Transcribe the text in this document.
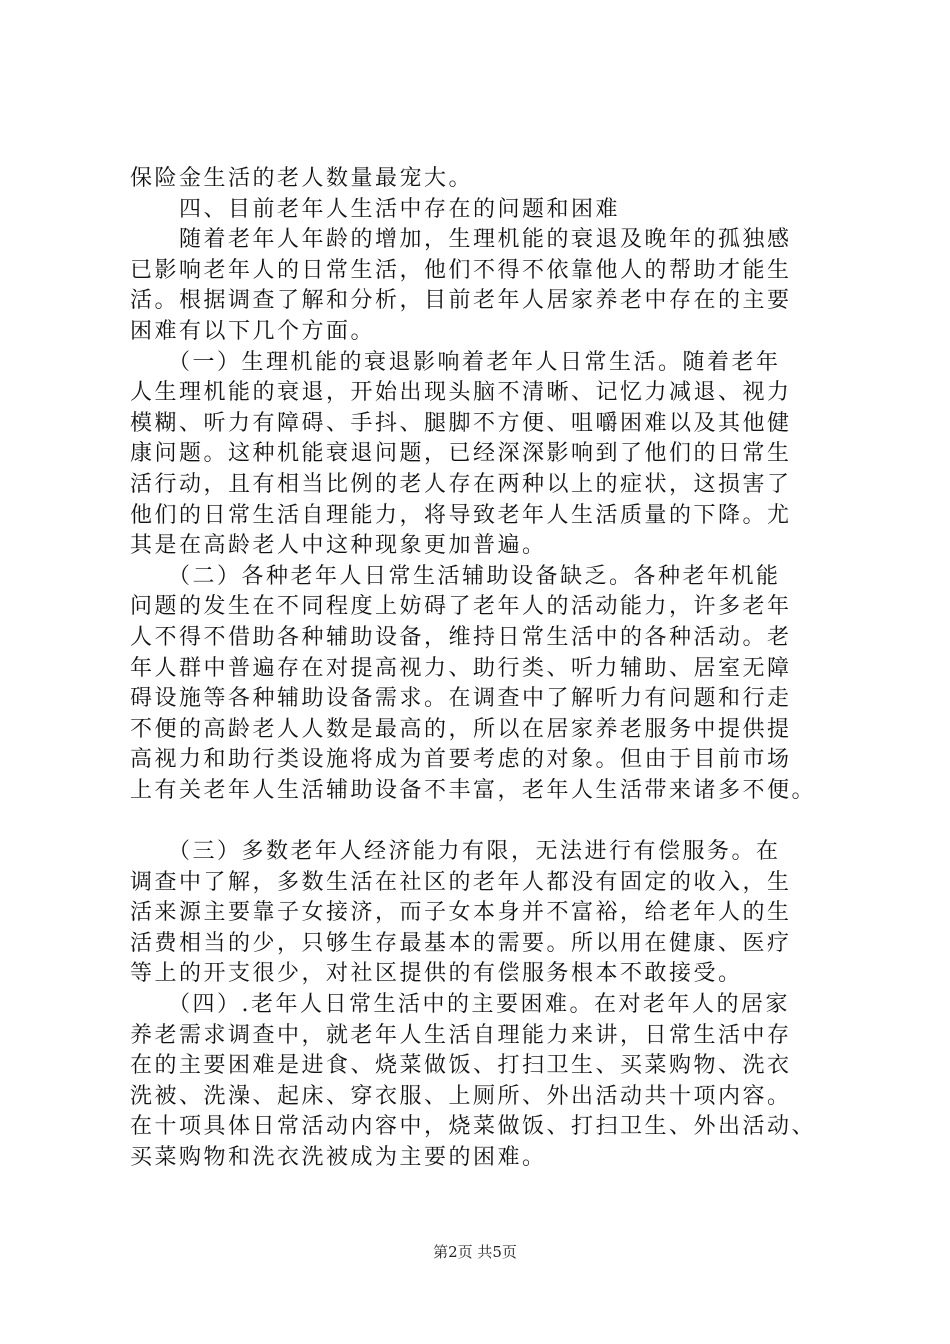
保险金生活的老人数量最宠大。
　　四、目前老年人生活中存在的问题和困难
　　随着老年人年龄的增加，生理机能的衰退及晚年的孤独感
已影响老年人的日常生活，他们不得不依靠他人的帮助才能生
活。根据调查了解和分析，目前老年人居家养老中存在的主要
困难有以下几个方面。
　　（一）生理机能的衰退影响着老年人日常生活。随着老年
人生理机能的衰退，开始出现头脑不清晰、记忆力减退、视力
模糊、听力有障碍、手抖、腿脚不方便、咀嚼困难以及其他健
康问题。这种机能衰退问题，已经深深影响到了他们的日常生
活行动，且有相当比例的老人存在两种以上的症状，这损害了
他们的日常生活自理能力，将导致老年人生活质量的下降。尤
其是在高龄老人中这种现象更加普遍。
　　（二）各种老年人日常生活辅助设备缺乏。各种老年机能
问题的发生在不同程度上妨碍了老年人的活动能力，许多老年
人不得不借助各种辅助设备，维持日常生活中的各种活动。老
年人群中普遍存在对提高视力、助行类、听力辅助、居室无障
碍设施等各种辅助设备需求。在调查中了解听力有问题和行走
不便的高龄老人人数是最高的，所以在居家养老服务中提供提
高视力和助行类设施将成为首要考虑的对象。但由于目前市场
上有关老年人生活辅助设备不丰富，老年人生活带来诸多不便。
　　（三）多数老年人经济能力有限，无法进行有偿服务。在
调查中了解，多数生活在社区的老年人都没有固定的收入，生
活来源主要靠子女接济，而子女本身并不富裕，给老年人的生
活费相当的少，只够生存最基本的需要。所以用在健康、医疗
等上的开支很少，对社区提供的有偿服务根本不敢接受。
　　（四）.老年人日常生活中的主要困难。在对老年人的居家
养老需求调查中，就老年人生活自理能力来讲，日常生活中存
在的主要困难是进食、烧菜做饭、打扫卫生、买菜购物、洗衣
洗被、洗澡、起床、穿衣服、上厕所、外出活动共十项内容。
在十项具体日常活动内容中，烧菜做饭、打扫卫生、外出活动、
买菜购物和洗衣洗被成为主要的困难。
第2页 共5页
